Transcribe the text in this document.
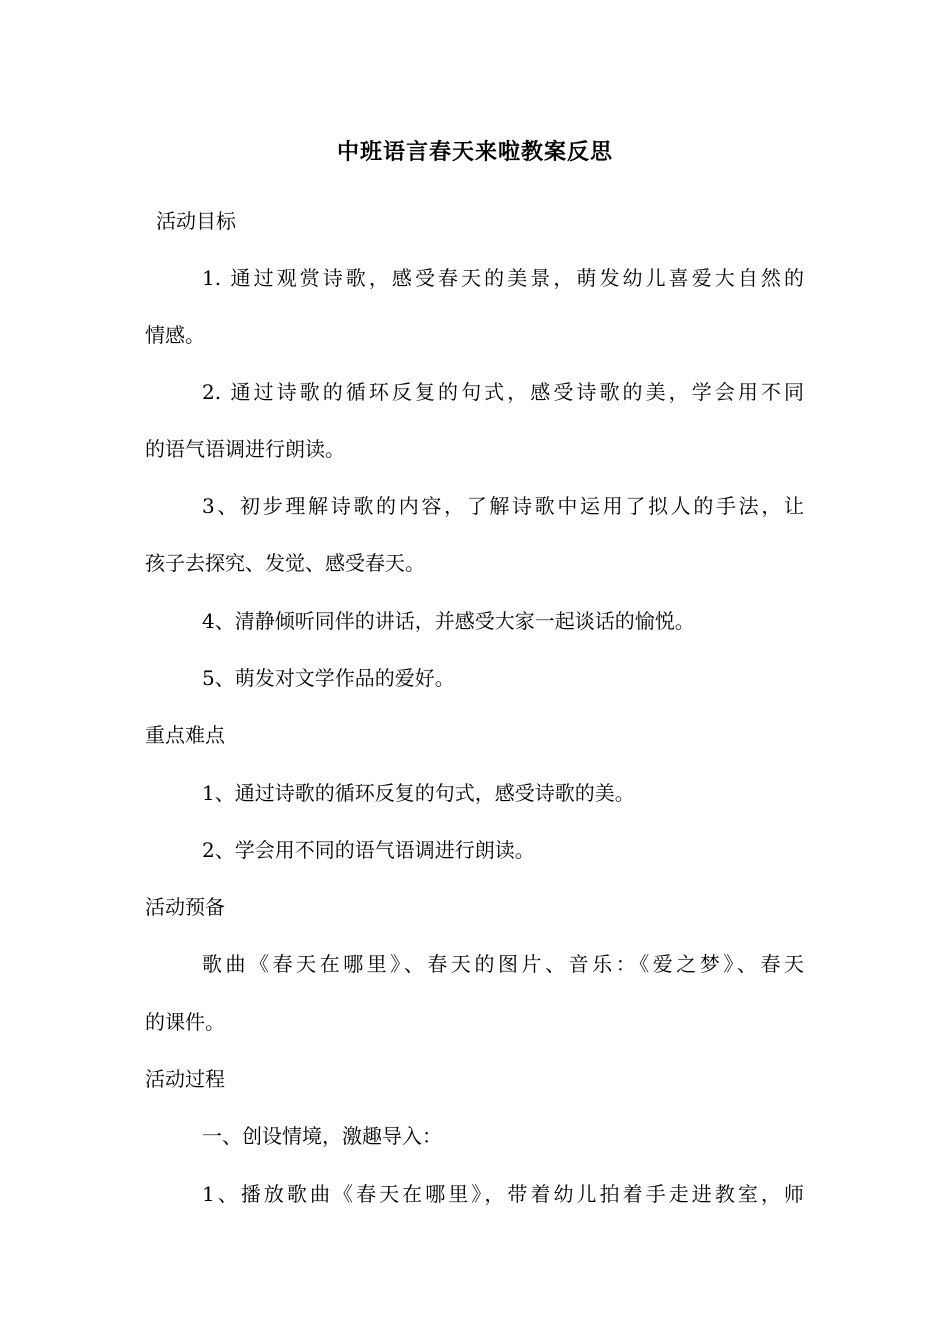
中班语言春天来啦教案反思

活动目标

1. 通过观赏诗歌，感受春天的美景，萌发幼儿喜爱大自然的

情感。

2. 通过诗歌的循环反复的句式，感受诗歌的美，学会用不同

的语气语调进行朗读。

3、初步理解诗歌的内容，了解诗歌中运用了拟人的手法，让

孩子去探究、发觉、感受春天。

4、清静倾听同伴的讲话，并感受大家一起谈话的愉悦。

5、萌发对文学作品的爱好。

重点难点

1、通过诗歌的循环反复的句式，感受诗歌的美。

2、学会用不同的语气语调进行朗读。

活动预备

歌曲《春天在哪里》、春天的图片、音乐：《爱之梦》、春天

的课件。

活动过程

一、创设情境，激趣导入：

1、播放歌曲《春天在哪里》，带着幼儿拍着手走进教室，师
